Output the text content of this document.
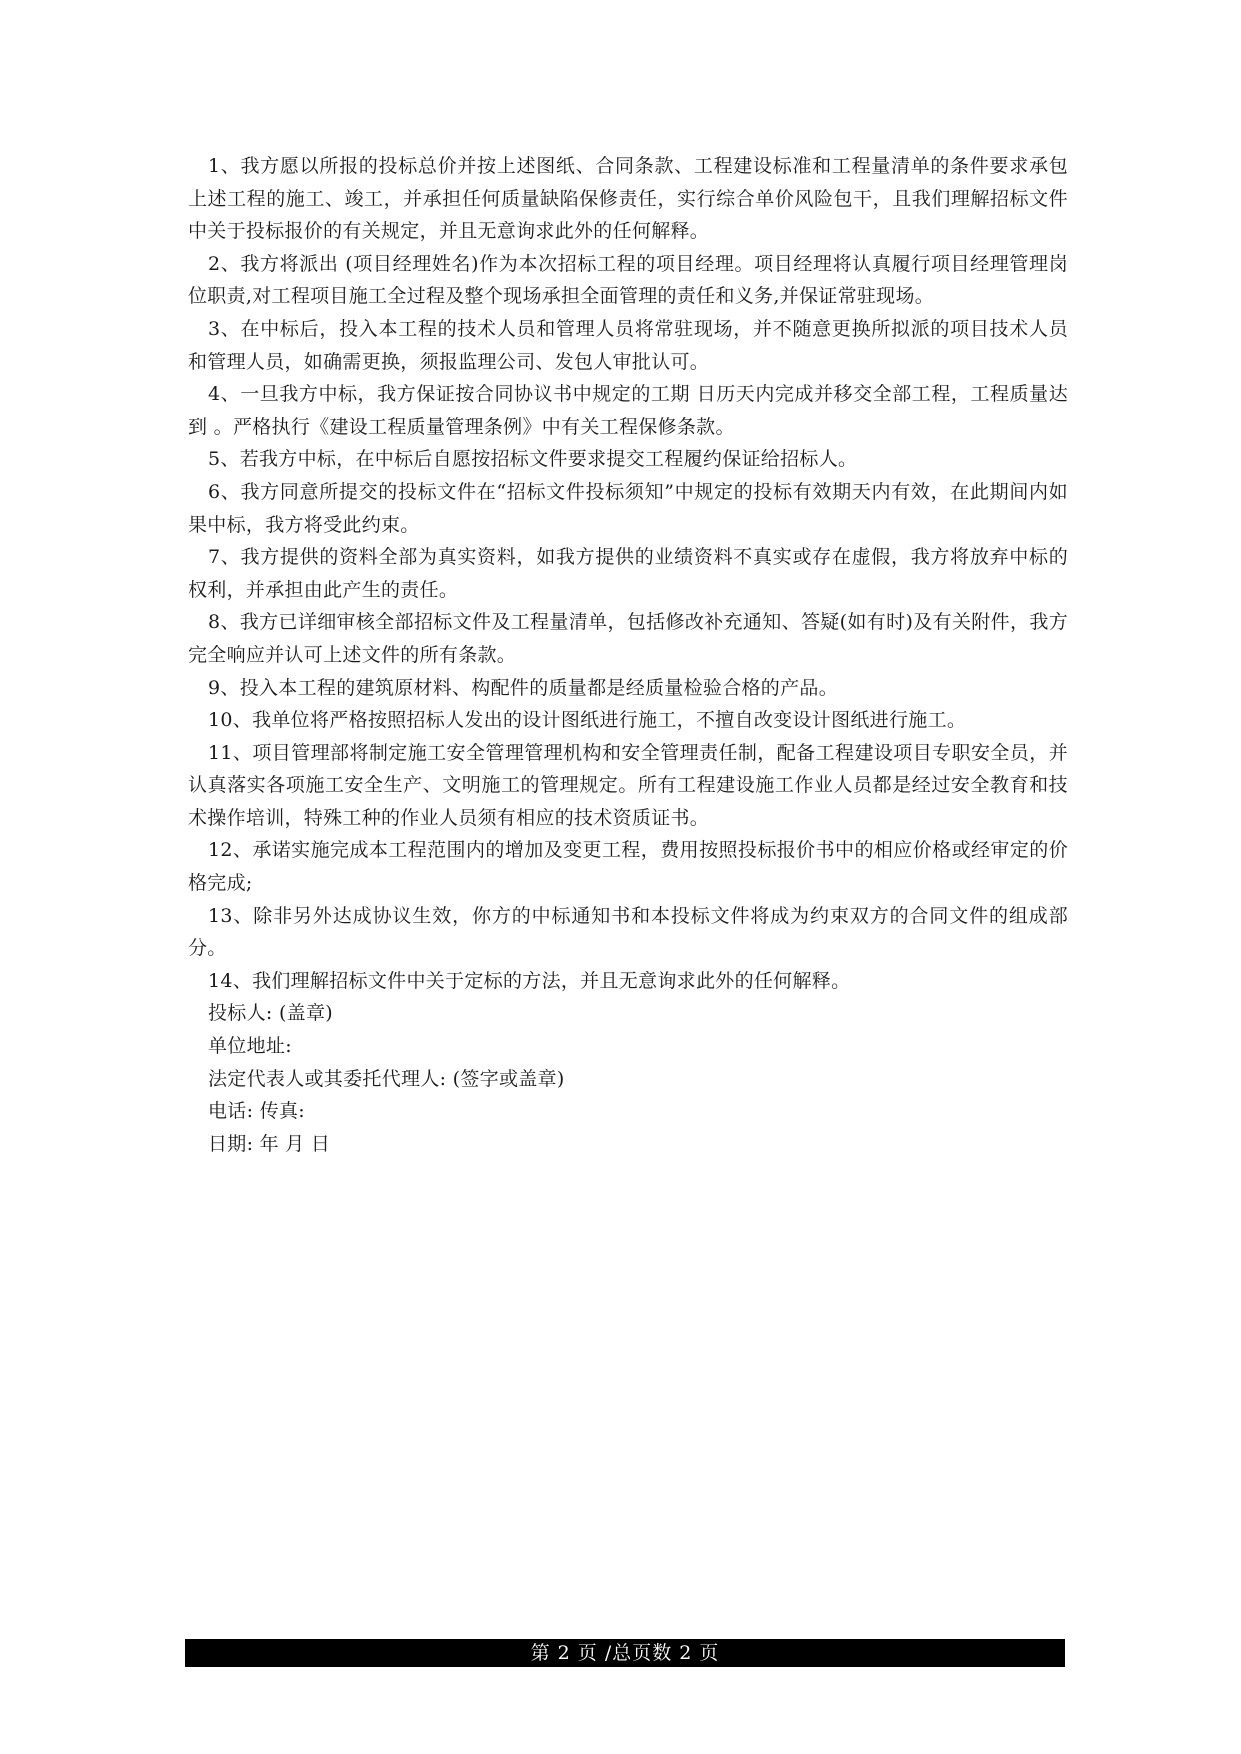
1、我方愿以所报的投标总价并按上述图纸、合同条款、工程建设标准和工程量清单的条件要求承包上述工程的施工、竣工，并承担任何质量缺陷保修责任，实行综合单价风险包干，且我们理解招标文件中关于投标报价的有关规定，并且无意询求此外的任何解释。

2、我方将派出 (项目经理姓名)作为本次招标工程的项目经理。项目经理将认真履行项目经理管理岗位职责,对工程项目施工全过程及整个现场承担全面管理的责任和义务,并保证常驻现场。

3、在中标后，投入本工程的技术人员和管理人员将常驻现场，并不随意更换所拟派的项目技术人员和管理人员，如确需更换，须报监理公司、发包人审批认可。

4、一旦我方中标，我方保证按合同协议书中规定的工期 日历天内完成并移交全部工程，工程质量达到 。严格执行《建设工程质量管理条例》中有关工程保修条款。

5、若我方中标，在中标后自愿按招标文件要求提交工程履约保证给招标人。

6、我方同意所提交的投标文件在“招标文件投标须知”中规定的投标有效期天内有效，在此期间内如果中标，我方将受此约束。

7、我方提供的资料全部为真实资料，如我方提供的业绩资料不真实或存在虚假，我方将放弃中标的权利，并承担由此产生的责任。

8、我方已详细审核全部招标文件及工程量清单，包括修改补充通知、答疑(如有时)及有关附件，我方完全响应并认可上述文件的所有条款。

9、投入本工程的建筑原材料、构配件的质量都是经质量检验合格的产品。

10、我单位将严格按照招标人发出的设计图纸进行施工，不擅自改变设计图纸进行施工。

11、项目管理部将制定施工安全管理管理机构和安全管理责任制，配备工程建设项目专职安全员，并认真落实各项施工安全生产、文明施工的管理规定。所有工程建设施工作业人员都是经过安全教育和技术操作培训，特殊工种的作业人员须有相应的技术资质证书。

12、承诺实施完成本工程范围内的增加及变更工程，费用按照投标报价书中的相应价格或经审定的价格完成;

13、除非另外达成协议生效，你方的中标通知书和本投标文件将成为约束双方的合同文件的组成部分。

14、我们理解招标文件中关于定标的方法，并且无意询求此外的任何解释。

投标人: (盖章)

单位地址:

法定代表人或其委托代理人: (签字或盖章)

电话: 传真:

日期: 年 月 日

第 2 页 /总页数 2 页
